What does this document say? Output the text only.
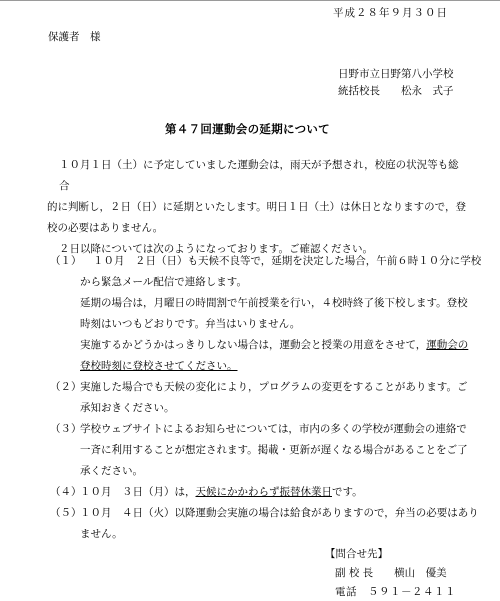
平成２８年９月３０日
保護者　様
日野市立日野第八小学校
統括校長　　松永　式子
第４７回運動会の延期について
１０月１日（土）に予定していました運動会は，雨天が予想され，校庭の状況等も総合
的に判断し，２日（日）に延期といたします。明日１日（土）は休日となりますので，登
校の必要はありません。
２日以降については次のようになっております。ご確認ください。
（１） １０月　２日（日）も天候不良等で，延期を決定した場合，午前６時１０分に学校
から緊急メール配信で連絡します。
延期の場合は，月曜日の時間割で午前授業を行い，４校時終了後下校します。登校
時刻はいつもどおりです。弁当はいりません。
実施するかどうかはっきりしない場合は，運動会と授業の用意をさせて，運動会の
登校時刻に登校させてください。
（２）
実施した場合でも天候の変化により，プログラムの変更をすることがあります。ご
承知おきください。
（３）
学校ウェブサイトによるお知らせについては，市内の多くの学校が運動会の連絡で
一斉に利用することが想定されます。掲載・更新が遅くなる場合があることをご了
承ください。
（４）
１０月　３日（月）は，天候にかかわらず振替休業日です。
（５）
１０月　４日（火）以降運動会実施の場合は給食がありますので，弁当の必要はあり
ません。
【問合せ先】
副 校 長　　横山　優美
電話　５９１－２４１１
